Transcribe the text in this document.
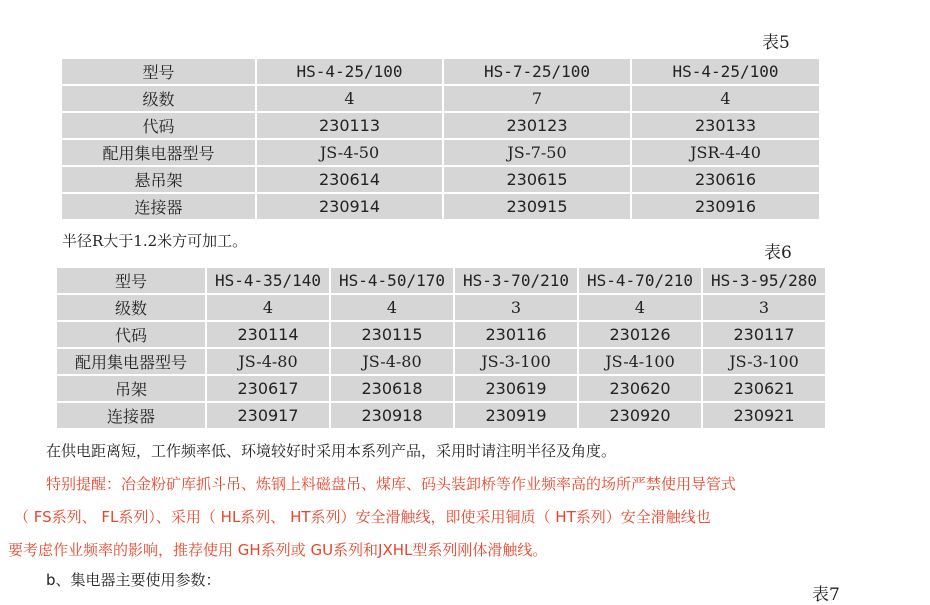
表5
型号	HS-4-25/100	HS-7-25/100	HS-4-25/100
级数	4	7	4
代码	230113	230123	230133
配用集电器型号	JS-4-50	JS-7-50	JSR-4-40
悬吊架	230614	230615	230616
连接器	230914	230915	230916
半径R大于1.2米方可加工。
表6
型号	HS-4-35/140	HS-4-50/170	HS-3-70/210	HS-4-70/210	HS-3-95/280
级数	4	4	3	4	3
代码	230114	230115	230116	230126	230117
配用集电器型号	JS-4-80	JS-4-80	JS-3-100	JS-4-100	JS-3-100
吊架	230617	230618	230619	230620	230621
连接器	230917	230918	230919	230920	230921
在供电距离短，工作频率低、环境较好时采用本系列产品，采用时请注明半径及角度。
特别提醒：冶金粉矿库抓斗吊、炼钢上料磁盘吊、煤库、码头装卸桥等作业频率高的场所严禁使用导管式
（ FS系列、 FL系列）、采用（ HL系列、 HT系列）安全滑触线，即使采用铜质（ HT系列）安全滑触线也
要考虑作业频率的影响，推荐使用 GH系列或 GU系列和JXHL型系列刚体滑触线。
b、集电器主要使用参数：
表7
